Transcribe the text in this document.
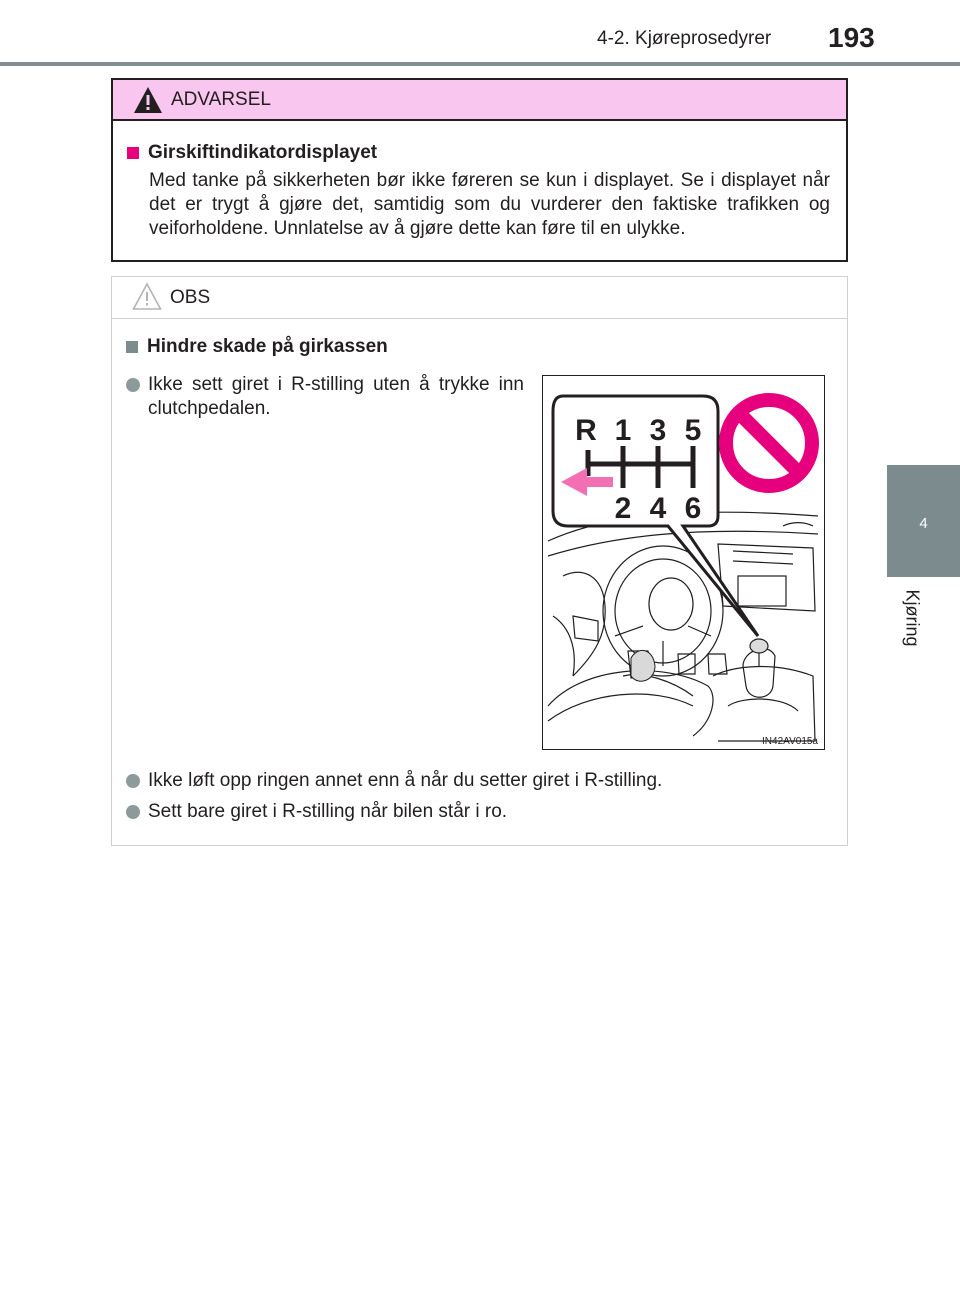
4-2. Kjøreprosedyrer 193
4
Kjøring
ADVARSEL
Girskiftindikatordisplayet

Med tanke på sikkerheten bør ikke føreren se kun i displayet. Se i displayet når det er trygt å gjøre det, samtidig som du vurderer den faktiske trafikken og veiforholdene. Unnlatelse av å gjøre dette kan føre til en ulykke.

OBS
Hindre skade på girkassen
Ikke sett giret i R-stilling uten å trykke inn clutchpedalen.
R 1 3 5
2 4 6
IN42AV015a
Ikke løft opp ringen annet enn å når du setter giret i R-stilling.
Sett bare giret i R-stilling når bilen står i ro.
